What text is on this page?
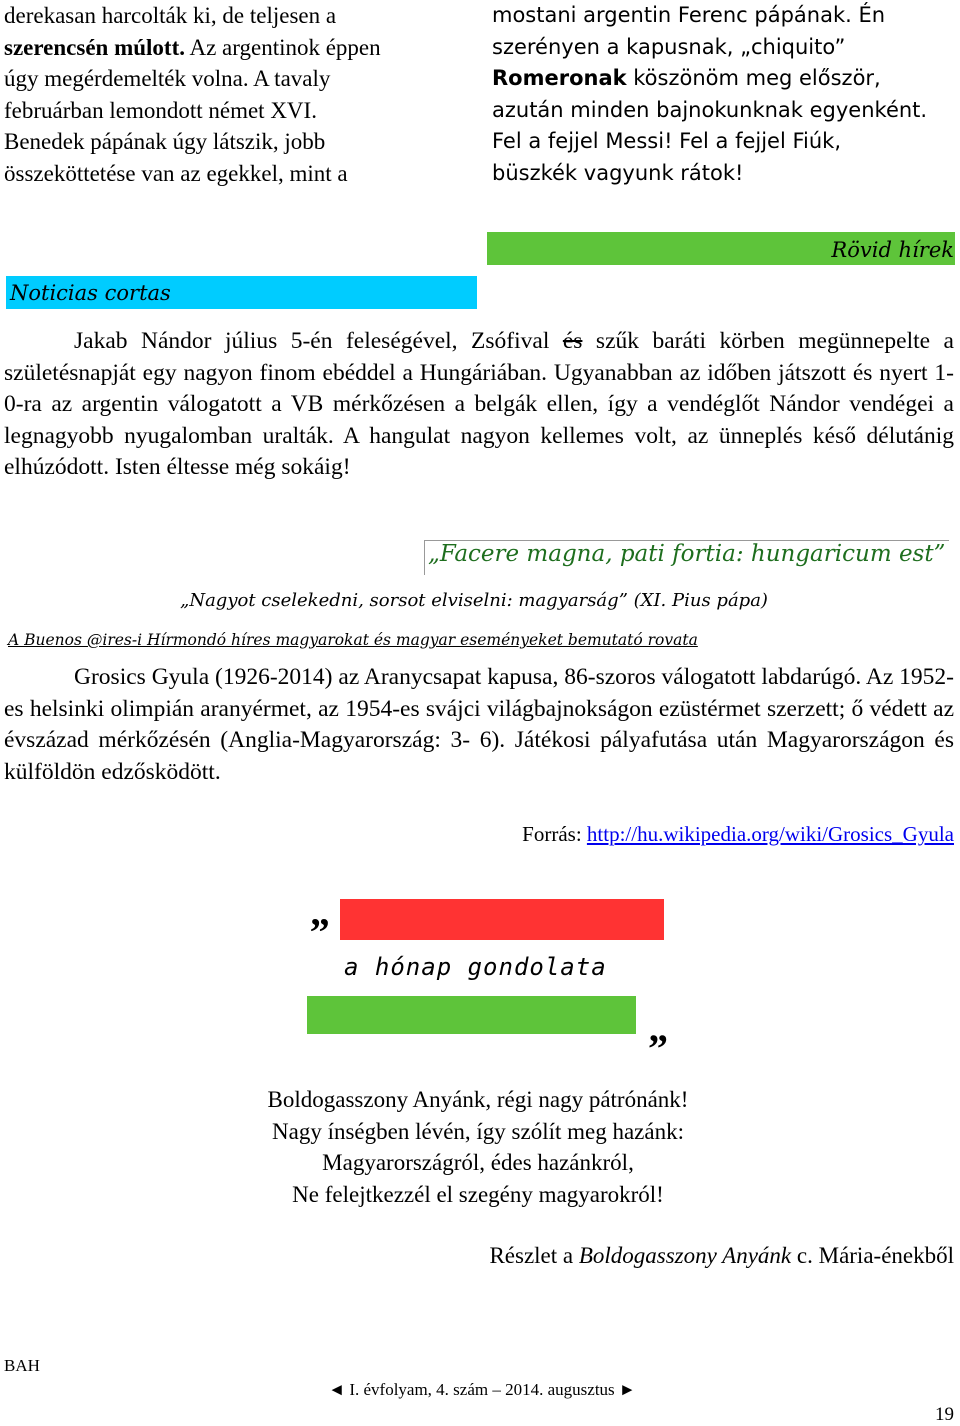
derekasan harcolták ki, de teljesen a
szerencsén múlott. Az argentinok éppen
úgy megérdemelték volna. A tavaly
februárban lemondott német XVI.
Benedek pápának úgy látszik, jobb
összeköttetése van az egekkel, mint a
mostani argentin Ferenc pápának. Én
szerényen a kapusnak, „chiquito”
Romeronak köszönöm meg először,
azután minden bajnokunknak egyenként.
Fel a fejjel Messi! Fel a fejjel Fiúk,
büszkék vagyunk rátok!
Rövid hírek
Noticias cortas
Jakab Nándor július 5-én feleségével, Zsófival és szűk baráti körben megünnepelte a születésnapját egy nagyon finom ebéddel a Hungáriában. Ugyanabban az időben játszott és nyert 1-0-ra az argentin válogatott a VB mérkőzésen a belgák ellen, így a vendéglőt Nándor vendégei a legnagyobb nyugalomban uralták. A hangulat nagyon kellemes volt, az ünneplés késő délutánig elhúzódott. Isten éltesse még sokáig!
„Facere magna, pati fortia: hungaricum est”
„Nagyot cselekedni, sorsot elviselni: magyarság” (XI. Pius pápa)
A Buenos @ires-i Hírmondó híres magyarokat és magyar eseményeket bemutató rovata
Grosics Gyula (1926-2014) az Aranycsapat kapusa, 86-szoros válogatott labdarúgó. Az 1952-es helsinki olimpián aranyérmet, az 1954-es svájci világbajnokságon ezüstérmet szerzett; ő védett az évszázad mérkőzésén (Anglia-Magyarország: 3- 6). Játékosi pályafutása után Magyarországon és külföldön edzősködött.
Forrás: http://hu.wikipedia.org/wiki/Grosics_Gyula
„
a hónap gondolata
”
Boldogasszony Anyánk, régi nagy pátrónánk!
Nagy ínségben lévén, így szólít meg hazánk:
Magyarországról, édes hazánkról,
Ne felejtkezzél el szegény magyarokról!
Részlet a Boldogasszony Anyánk c. Mária-énekből
BAH
◄ I. évfolyam, 4. szám – 2014. augusztus ►
19
